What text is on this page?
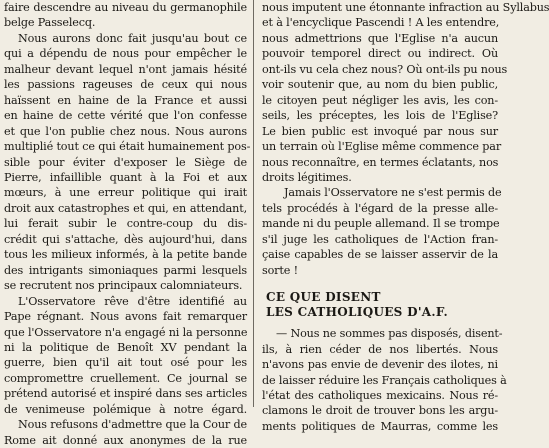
faire descendre au niveau du germanophile
belge Passelecq.
Nous aurons donc fait jusqu'au bout ce
qui a dépendu de nous pour empêcher le
malheur devant lequel n'ont jamais hésité
les passions rageuses de ceux qui nous
haïssent en haine de la France et aussi
en haine de cette vérité que l'on confesse
et que l'on publie chez nous. Nous aurons
multiplié tout ce qui était humainement pos-
sible pour éviter d'exposer le Siège de
Pierre, infaillible quant à la Foi et aux
mœurs, à une erreur politique qui irait
droit aux catastrophes et qui, en attendant,
lui ferait subir le contre-coup du dis-
crédit qui s'attache, dès aujourd'hui, dans
tous les milieux informés, à la petite bande
des intrigants simoniaques parmi lesquels
se recrutent nos principaux calomniateurs.
L'Osservatore rêve d'être identifié au
Pape régnant. Nous avons fait remarquer
que l'Osservatore n'a engagé ni la personne
ni la politique de Benoît XV pendant la
guerre, bien qu'il ait tout osé pour les
compromettre cruellement. Ce journal se
prétend autorisé et inspiré dans ses articles
de venimeuse polémique à notre égard.
Nous refusons d'admettre que la Cour de
Rome ait donné aux anonymes de la rue
nous imputent une étonnante infraction au Syllabus
et à l'encyclique Pascendi ! A les entendre,
nous admettrions que l'Eglise n'a aucun
pouvoir temporel direct ou indirect. Où
ont-ils vu cela chez nous? Où ont-ils pu nous
voir soutenir que, au nom du bien public,
le citoyen peut négliger les avis, les con-
seils, les préceptes, les lois de l'Eglise?
Le bien public est invoqué par nous sur
un terrain où l'Eglise même commence par
nous reconnaître, en termes éclatants, nos
droits légitimes.
Jamais l'Osservatore ne s'est permis de
tels procédés à l'égard de la presse alle-
mande ni du peuple allemand. Il se trompe
s'il juge les catholiques de l'Action fran-
çaise capables de se laisser asservir de la
sorte !
CE QUE DISENT
LES CATHOLIQUES D'A.F.
— Nous ne sommes pas disposés, disent-
ils, à rien céder de nos libertés. Nous
n'avons pas envie de devenir des ilotes, ni
de laisser réduire les Français catholiques à
l'état des catholiques mexicains. Nous ré-
clamons le droit de trouver bons les argu-
ments politiques de Maurras, comme les
